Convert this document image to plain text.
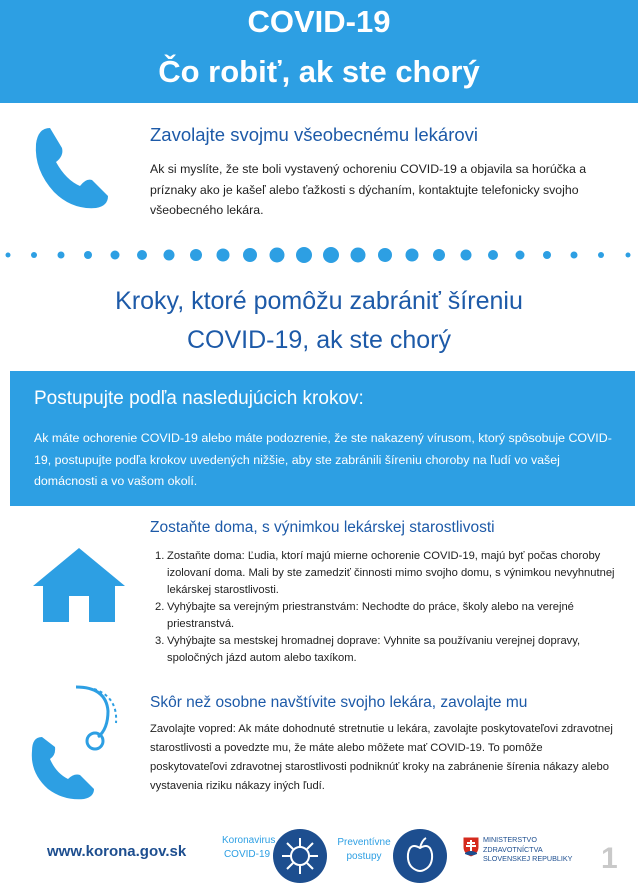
COVID-19
Čo robiť, ak ste chorý
Zavolajte svojmu všeobecnému lekárovi
Ak si myslíte, že ste boli vystavený ochoreniu COVID-19 a objavila sa horúčka a príznaky ako je kašeľ alebo ťažkosti s dýchaním, kontaktujte telefonicky svojho všeobecného lekára.
Kroky, ktoré pomôžu zabrániť šíreniu
COVID-19, ak ste chorý
Postupujte podľa nasledujúcich krokov:
Ak máte ochorenie COVID-19 alebo máte podozrenie, že ste nakazený vírusom, ktorý spôsobuje COVID-19, postupujte podľa krokov uvedených nižšie, aby ste zabránili šíreniu choroby na ľudí vo vašej domácnosti a vo vašom okolí.
Zostaňte doma, s výnimkou lekárskej starostlivosti
1. Zostaňte doma: Ľudia, ktorí majú mierne ochorenie COVID-19, majú byť počas choroby izolovaní doma. Mali by ste zamedziť činnosti mimo svojho domu, s výnimkou nevyhnutnej lekárskej starostlivosti.
2. Vyhýbajte sa verejným priestranstvám: Nechodte do práce, školy alebo na verejné priestranstvá.
3. Vyhýbajte sa mestskej hromadnej doprave: Vyhnite sa používaniu verejnej dopravy, spoločných jázd autom alebo taxíkom.
Skôr než osobne navštívite svojho lekára, zavolajte mu
Zavolajte vopred: Ak máte dohodnuté stretnutie u lekára, zavolajte poskytovateľovi zdravotnej starostlivosti a povedzte mu, že máte alebo môžete mať COVID-19. To pomôže poskytovateľovi zdravotnej starostlivosti podniknúť kroky na zabránenie šírenia nákazy alebo vystavenia riziku nákazy iných ľudí.
www.korona.gov.sk
Koronavirus
COVID-19
Preventívne
postupy
MINISTERSTVO
ZDRAVOTNÍCTVA
SLOVENSKEJ REPUBLIKY 1
